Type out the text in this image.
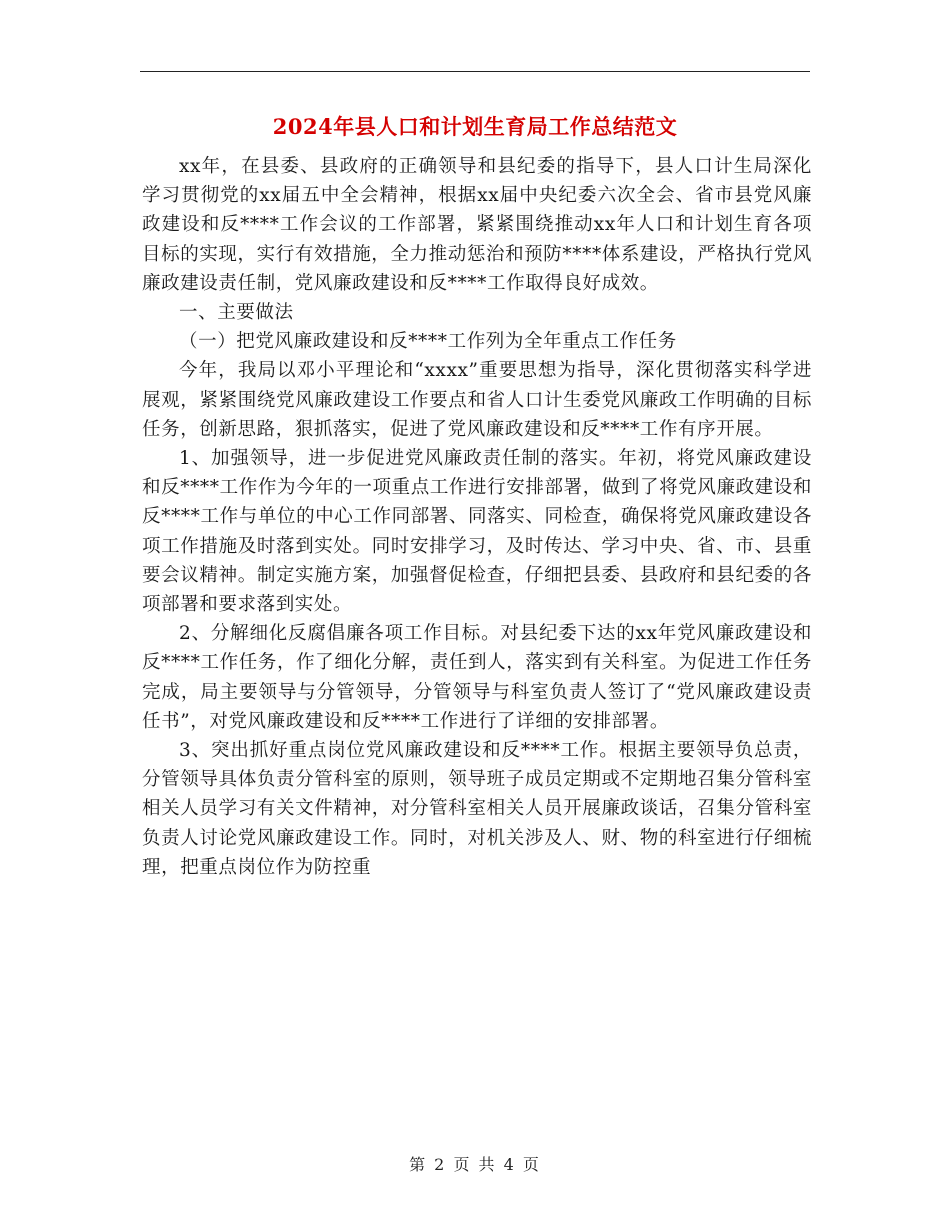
2024年县人口和计划生育局工作总结范文

xx年，在县委、县政府的正确领导和县纪委的指导下，县人口计生局深化学习贯彻党的xx届五中全会精神，根据xx届中央纪委六次全会、省市县党风廉政建设和反****工作会议的工作部署，紧紧围绕推动xx年人口和计划生育各项目标的实现，实行有效措施，全力推动惩治和预防****体系建设，严格执行党风廉政建设责任制，党风廉政建设和反****工作取得良好成效。

一、主要做法

（一）把党风廉政建设和反****工作列为全年重点工作任务

今年，我局以邓小平理论和“xxxx”重要思想为指导，深化贯彻落实科学进展观，紧紧围绕党风廉政建设工作要点和省人口计生委党风廉政工作明确的目标任务，创新思路，狠抓落实，促进了党风廉政建设和反****工作有序开展。

1、加强领导，进一步促进党风廉政责任制的落实。年初，将党风廉政建设和反****工作作为今年的一项重点工作进行安排部署，做到了将党风廉政建设和反****工作与单位的中心工作同部署、同落实、同检查，确保将党风廉政建设各项工作措施及时落到实处。同时安排学习，及时传达、学习中央、省、市、县重要会议精神。制定实施方案，加强督促检查，仔细把县委、县政府和县纪委的各项部署和要求落到实处。

2、分解细化反腐倡廉各项工作目标。对县纪委下达的xx年党风廉政建设和反****工作任务，作了细化分解，责任到人，落实到有关科室。为促进工作任务完成，局主要领导与分管领导，分管领导与科室负责人签订了“党风廉政建设责任书”，对党风廉政建设和反****工作进行了详细的安排部署。

3、突出抓好重点岗位党风廉政建设和反****工作。根据主要领导负总责，分管领导具体负责分管科室的原则，领导班子成员定期或不定期地召集分管科室相关人员学习有关文件精神，对分管科室相关人员开展廉政谈话，召集分管科室负责人讨论党风廉政建设工作。同时，对机关涉及人、财、物的科室进行仔细梳理，把重点岗位作为防控重

第 2 页 共 4 页
